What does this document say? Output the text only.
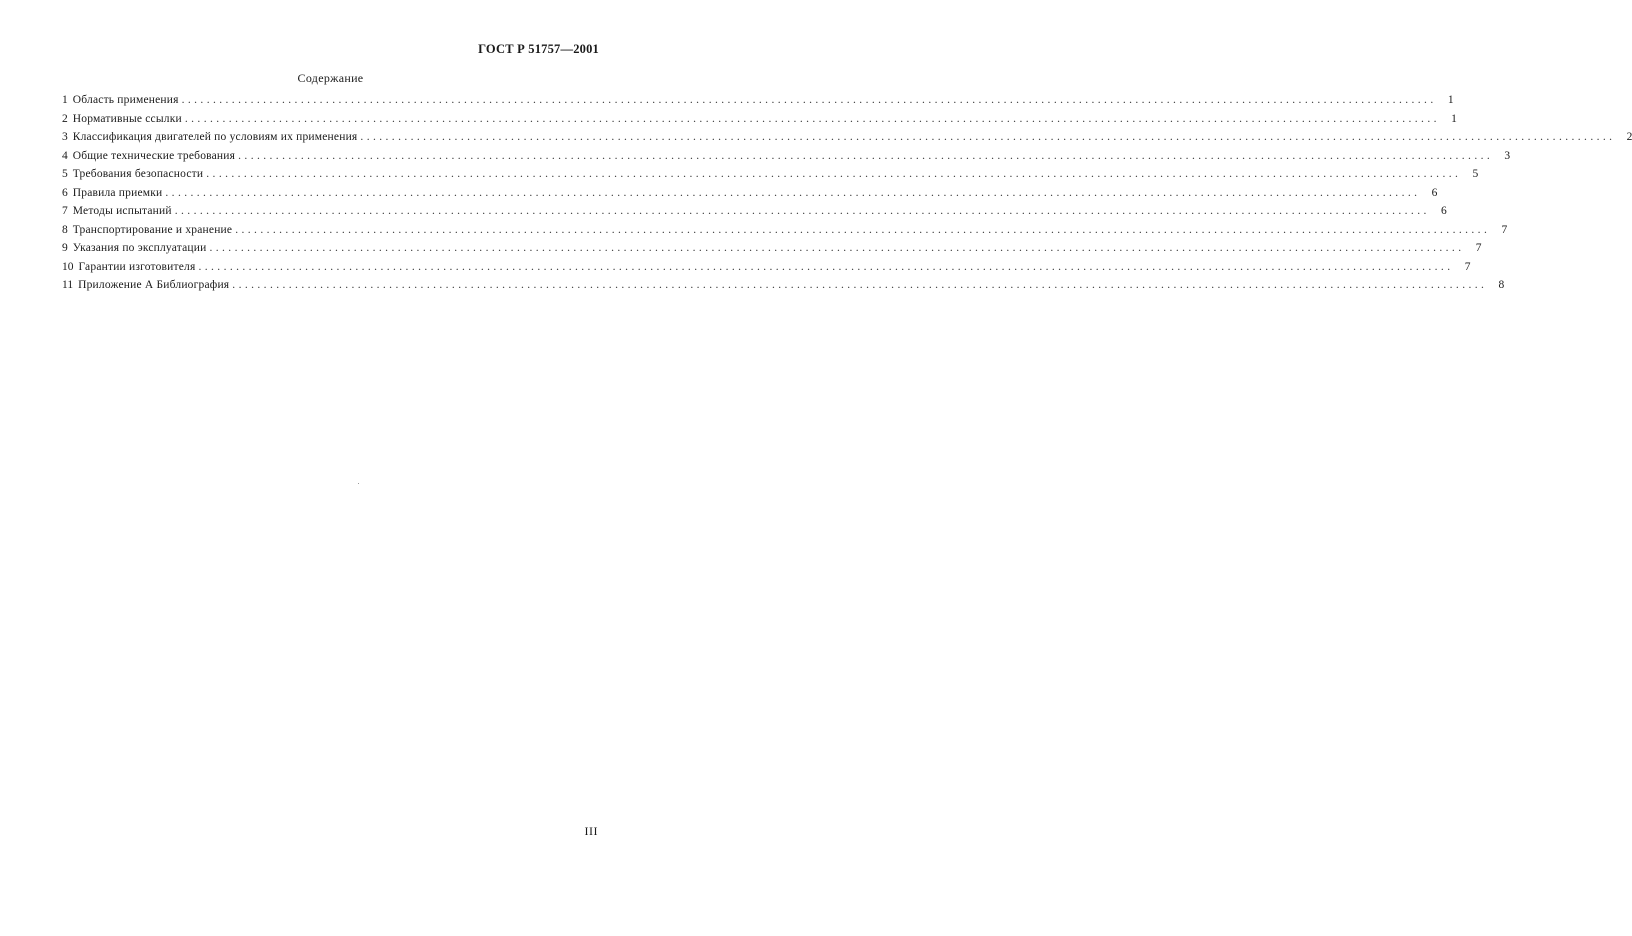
ГОСТ Р 51757—2001
Содержание
1 Область применения ........................................................................................................................................................................................................ 1
2 Нормативные ссылки ........................................................................................................................................................................................................ 1
3 Классификация двигателей по условиям их применения ........................................................................................................................................................................................................ 2
4 Общие технические требования ........................................................................................................................................................................................................ 3
5 Требования безопасности ........................................................................................................................................................................................................ 5
6 Правила приемки ........................................................................................................................................................................................................ 6
7 Методы испытаний ........................................................................................................................................................................................................ 6
8 Транспортирование и хранение ........................................................................................................................................................................................................ 7
9 Указания по эксплуатации ........................................................................................................................................................................................................ 7
10 Гарантии изготовителя ........................................................................................................................................................................................................ 7
11 Приложение А Библиография ........................................................................................................................................................................................................ 8
III
